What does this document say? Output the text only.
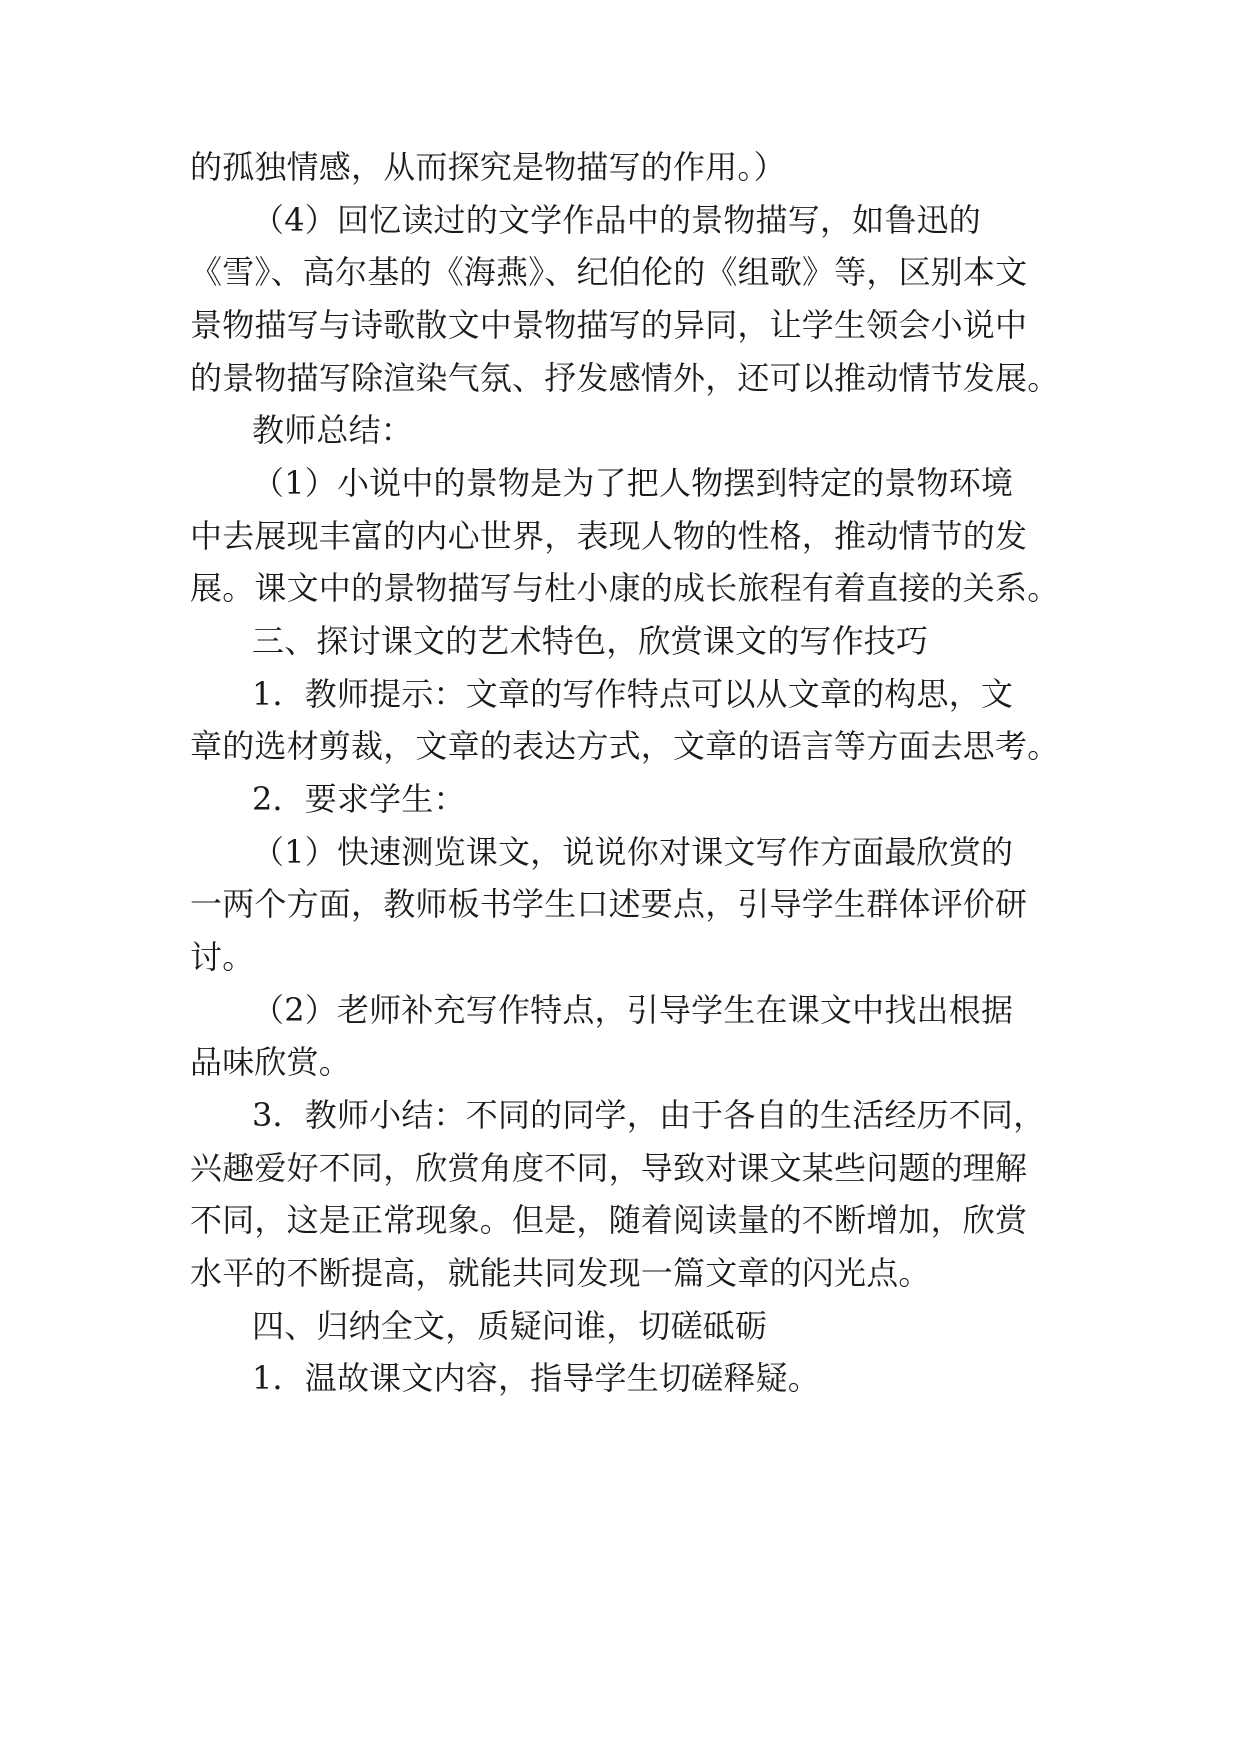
的孤独情感，从而探究是物描写的作用。）
（4）回忆读过的文学作品中的景物描写，如鲁迅的
《雪》、高尔基的《海燕》、纪伯伦的《组歌》等，区别本文
景物描写与诗歌散文中景物描写的异同，让学生领会小说中
的景物描写除渲染气氛、抒发感情外，还可以推动情节发展。
教师总结：
（1）小说中的景物是为了把人物摆到特定的景物环境
中去展现丰富的内心世界，表现人物的性格，推动情节的发
展。课文中的景物描写与杜小康的成长旅程有着直接的关系。
三、探讨课文的艺术特色，欣赏课文的写作技巧
1．教师提示：文章的写作特点可以从文章的构思，文
章的选材剪裁，文章的表达方式，文章的语言等方面去思考。
2．要求学生：
（1）快速测览课文，说说你对课文写作方面最欣赏的
一两个方面，教师板书学生口述要点，引导学生群体评价研
讨。
（2）老师补充写作特点，引导学生在课文中找出根据
品味欣赏。
3．教师小结：不同的同学，由于各自的生活经历不同，
兴趣爱好不同，欣赏角度不同，导致对课文某些问题的理解
不同，这是正常现象。但是，随着阅读量的不断增加，欣赏
水平的不断提高，就能共同发现一篇文章的闪光点。
四、归纳全文，质疑问谁，切磋砥砺
1．温故课文内容，指导学生切磋释疑。
